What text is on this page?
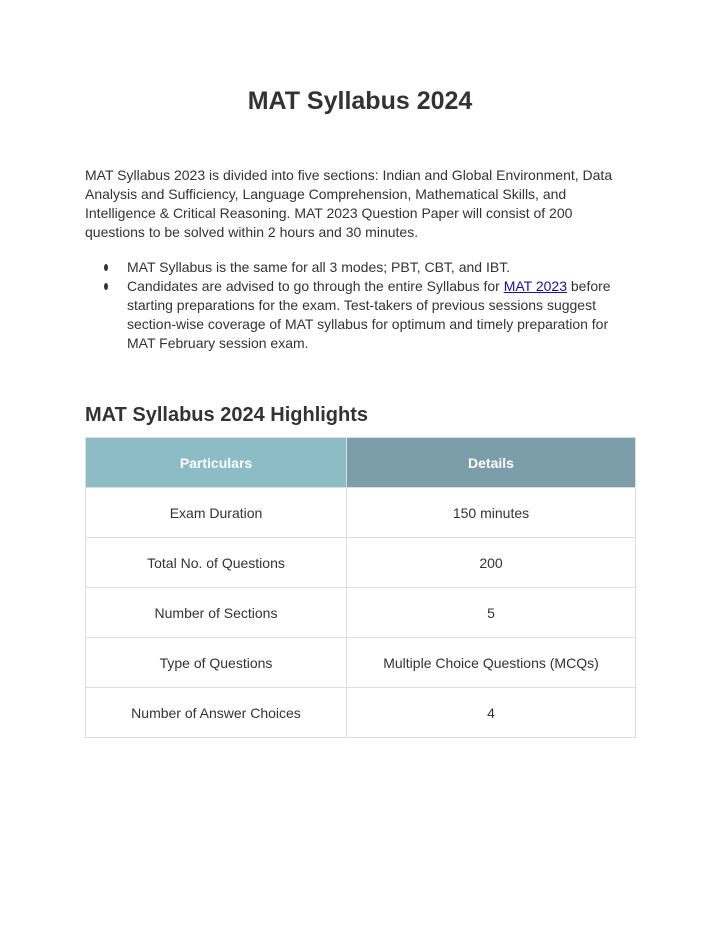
MAT Syllabus 2024

MAT Syllabus 2023 is divided into five sections: Indian and Global Environment, Data Analysis and Sufficiency, Language Comprehension, Mathematical Skills, and Intelligence & Critical Reasoning. MAT 2023 Question Paper will consist of 200 questions to be solved within 2 hours and 30 minutes.

MAT Syllabus is the same for all 3 modes; PBT, CBT, and IBT.
Candidates are advised to go through the entire Syllabus for MAT 2023 before starting preparations for the exam. Test-takers of previous sessions suggest section-wise coverage of MAT syllabus for optimum and timely preparation for MAT February session exam.
MAT Syllabus 2024 Highlights
Particulars	Details
Exam Duration	150 minutes
Total No. of Questions	200
Number of Sections	5
Type of Questions	Multiple Choice Questions (MCQs)
Number of Answer Choices	4
